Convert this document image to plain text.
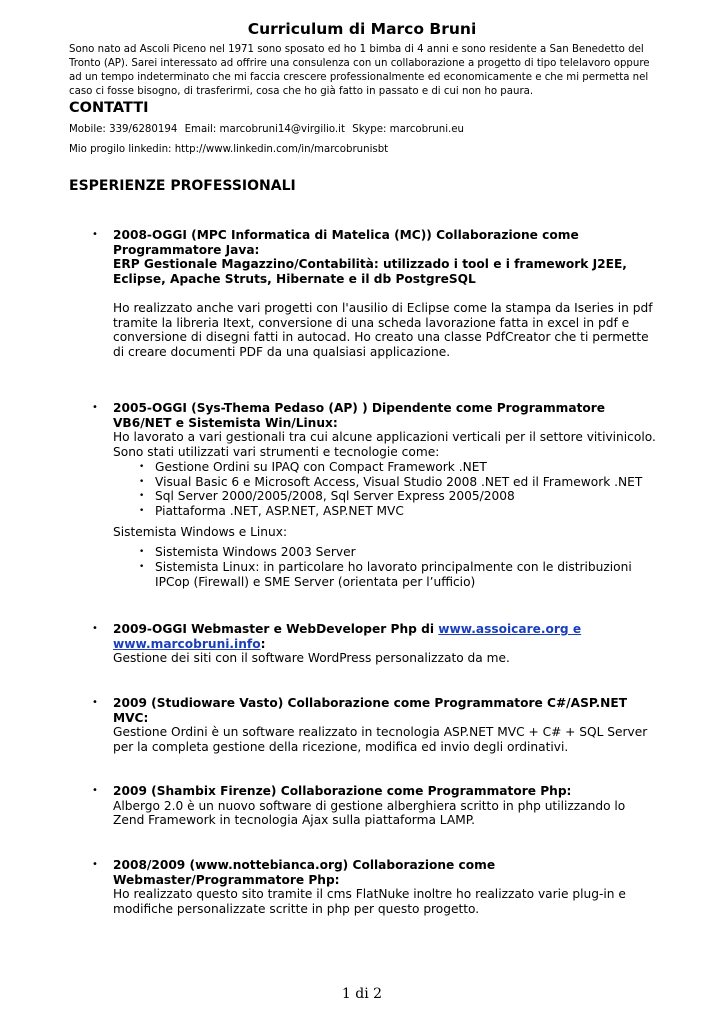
Curriculum di Marco Bruni

Sono nato ad Ascoli Piceno nel 1971 sono sposato ed ho 1 bimba di 4 anni e sono residente a San Benedetto del Tronto (AP). Sarei interessato ad offrire una consulenza con un collaborazione a progetto di tipo telelavoro oppure ad un tempo indeterminato che mi faccia crescere professionalmente ed economicamente e che mi permetta nel caso ci fosse bisogno, di trasferirmi, cosa che ho già fatto in passato e di cui non ho paura.

CONTATTI

Mobile: 339/6280194 Email: marcobruni14@virgilio.it Skype: marcobruni.eu

Mio progilo linkedin: http://www.linkedin.com/in/marcobrunisbt

ESPERIENZE PROFESSIONALI
• 2008-OGGI (MPC Informatica di Matelica (MC)) Collaborazione come Programmatore Java:

ERP Gestionale Magazzino/Contabilità: utilizzado i tool e i framework J2EE, Eclipse, Apache Struts, Hibernate e il db PostgreSQL

Ho realizzato anche vari progetti con l'ausilio di Eclipse come la stampa da Iseries in pdf tramite la libreria Itext, conversione di una scheda lavorazione fatta in excel in pdf e conversione di disegni fatti in autocad. Ho creato una classe PdfCreator che ti permette di creare documenti PDF da una qualsiasi applicazione.

• 2005-OGGI (Sys-Thema Pedaso (AP) ) Dipendente come Programmatore VB6/NET e Sistemista Win/Linux:

Ho lavorato a vari gestionali tra cui alcune applicazioni verticali per il settore vitivinicolo. Sono stati utilizzati vari strumenti e tecnologie come:

• Gestione Ordini su IPAQ con Compact Framework .NET
• Visual Basic 6 e Microsoft Access, Visual Studio 2008 .NET ed il Framework .NET
• Sql Server 2000/2005/2008, Sql Server Express 2005/2008
• Piattaforma .NET, ASP.NET, ASP.NET MVC

Sistemista Windows e Linux:

• Sistemista Windows 2003 Server
• Sistemista Linux: in particolare ho lavorato principalmente con le distribuzioni IPCop (Firewall) e SME Server (orientata per l’ufficio)
• 2009-OGGI Webmaster e WebDeveloper Php di www.assoicare.org e www.marcobruni.info:

Gestione dei siti con il software WordPress personalizzato da me.

• 2009 (Studioware Vasto) Collaborazione come Programmatore C#/ASP.NET MVC:

Gestione Ordini è un software realizzato in tecnologia ASP.NET MVC + C# + SQL Server per la completa gestione della ricezione, modifica ed invio degli ordinativi.

• 2009 (Shambix Firenze) Collaborazione come Programmatore Php:

Albergo 2.0 è un nuovo software di gestione alberghiera scritto in php utilizzando lo Zend Framework in tecnologia Ajax sulla piattaforma LAMP.

• 2008/2009 (www.nottebianca.org) Collaborazione come Webmaster/Programmatore Php:

Ho realizzato questo sito tramite il cms FlatNuke inoltre ho realizzato varie plug-in e modifiche personalizzate scritte in php per questo progetto.

1 di 2
